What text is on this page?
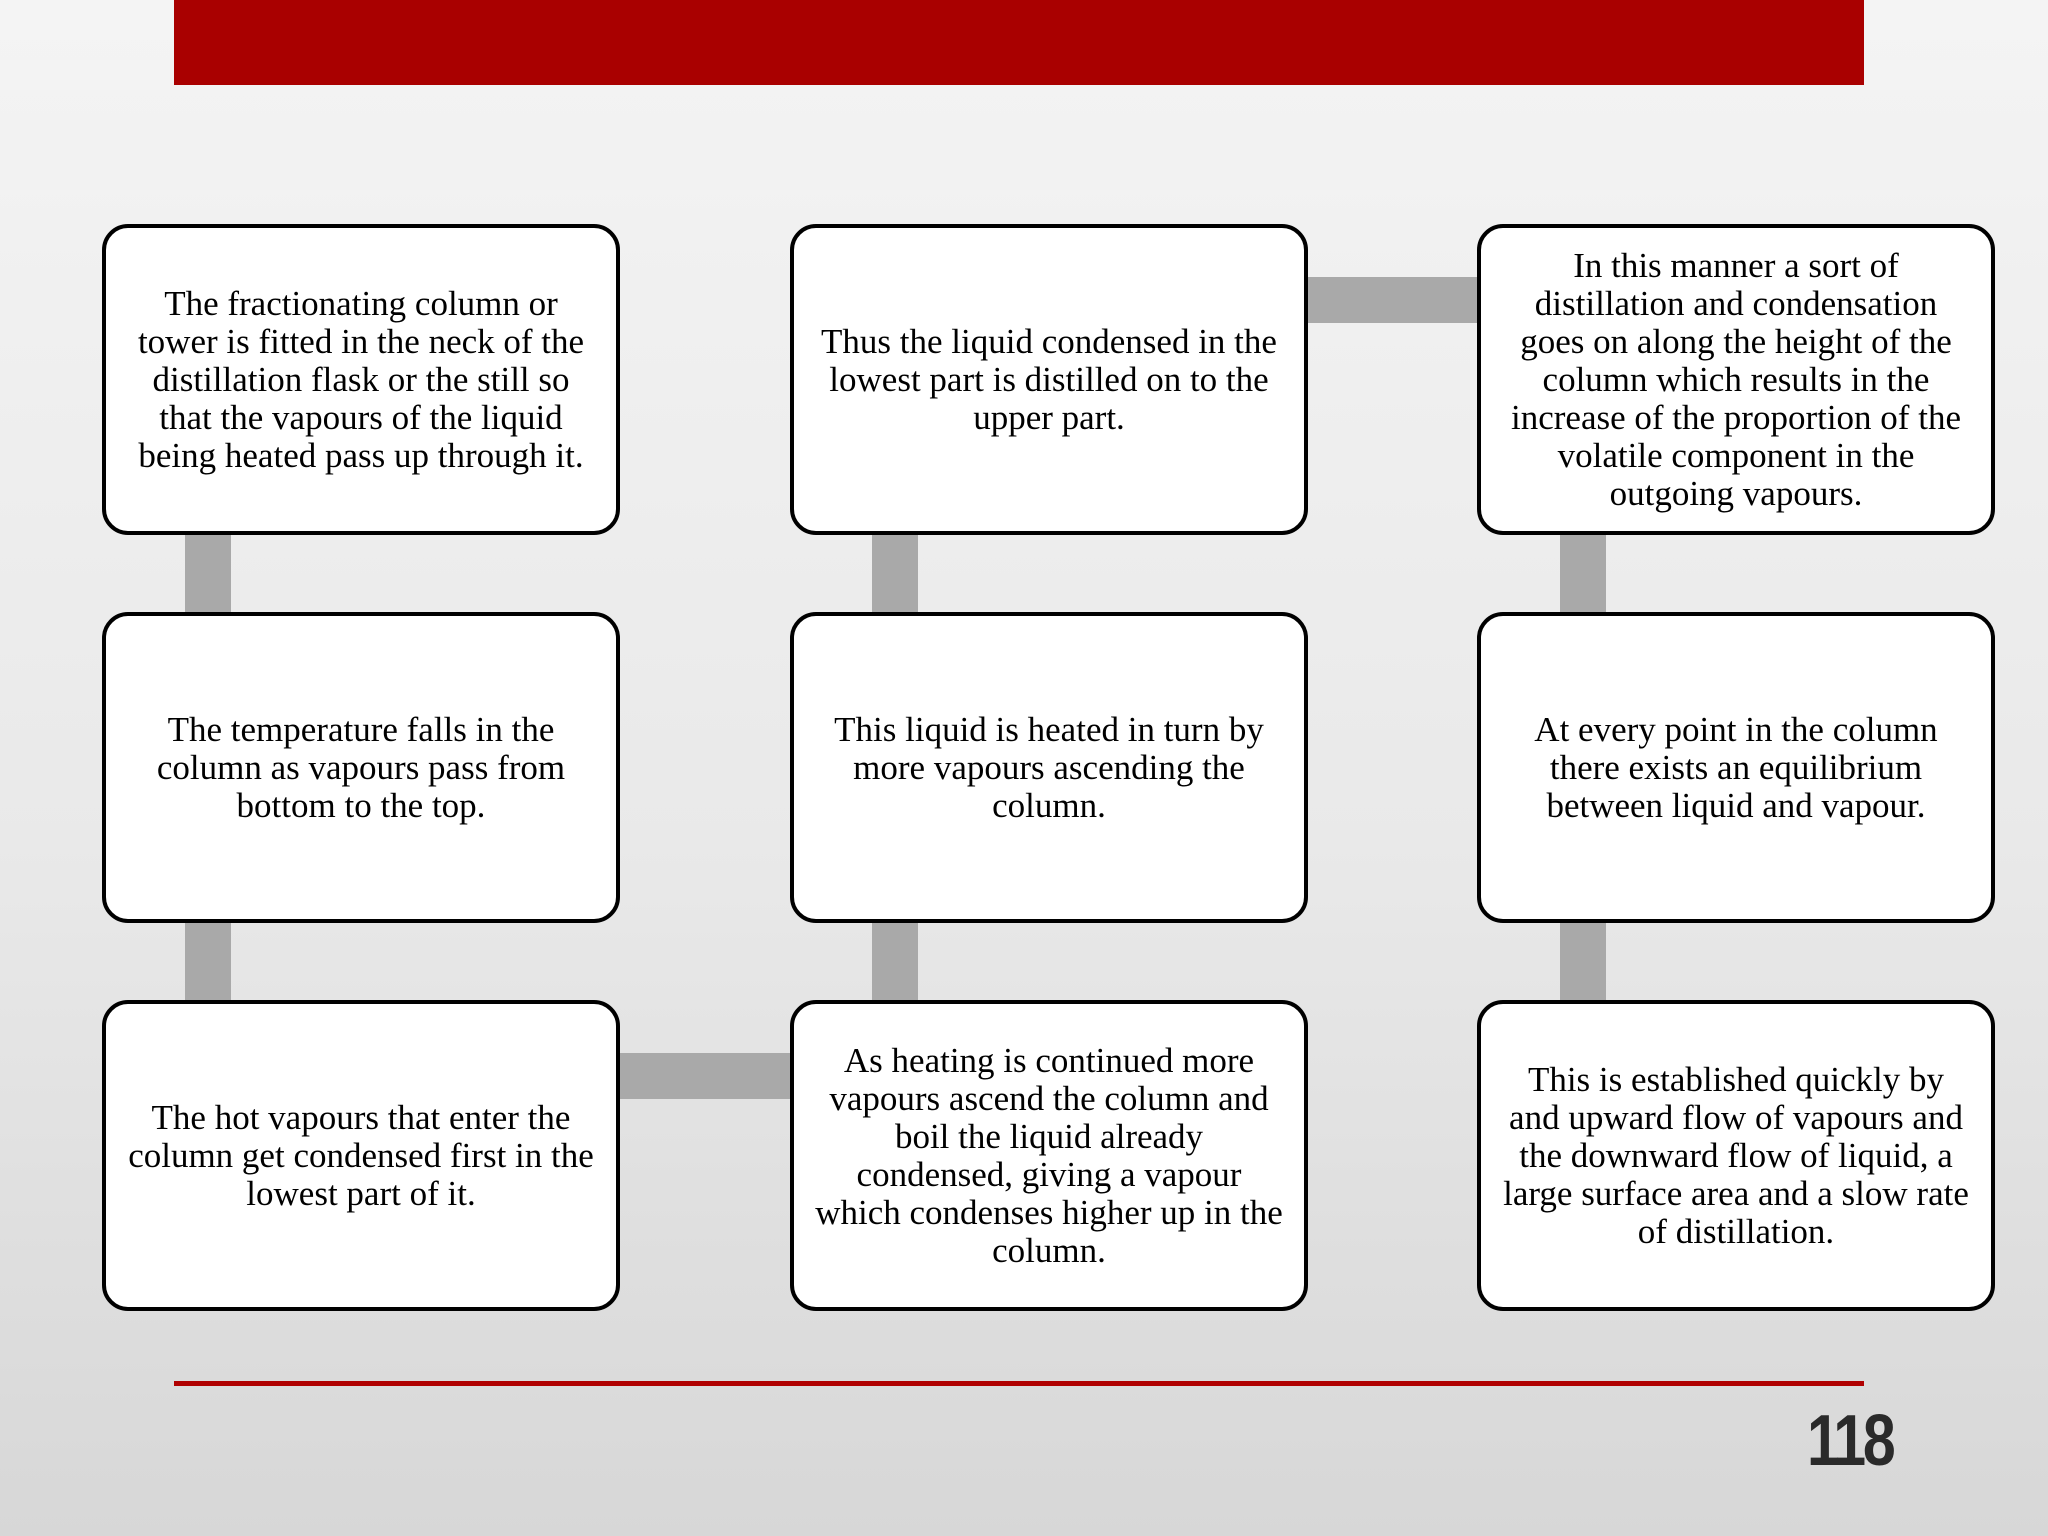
The fractionating column or tower is fitted in the neck of the distillation flask or the still so that the vapours of the liquid being heated pass up through it.
The temperature falls in the column as vapours pass from bottom to the top.
The hot vapours that enter the column get condensed first in the lowest part of it.
As heating is continued more vapours ascend the column and boil the liquid already condensed, giving a vapour which condenses higher up in the column.
This liquid is heated in turn by more vapours ascending the column.
Thus the liquid condensed in the lowest part is distilled on to the upper part.
In this manner a sort of distillation and condensation goes on along the height of the column which results in the increase of the proportion of the volatile component in the outgoing vapours.
At every point in the column there exists an equilibrium between liquid and vapour.
This is established quickly by and upward flow of vapours and the downward flow of liquid, a large surface area and a slow rate of distillation.
118
